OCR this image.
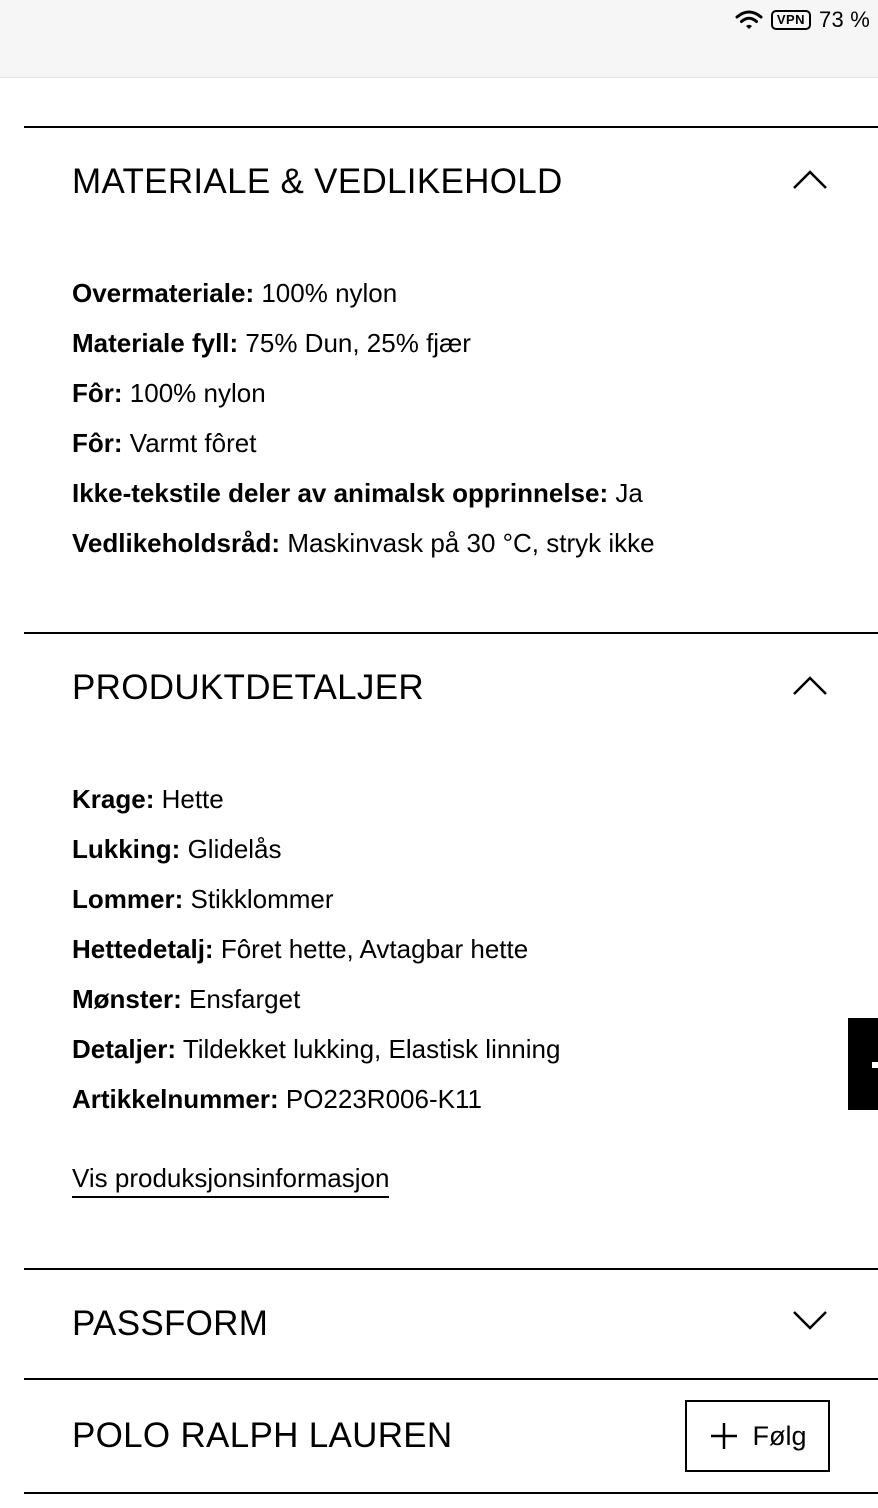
VPN 73 %
MATERIALE & VEDLIKEHOLD
Overmateriale: 100% nylon
Materiale fyll: 75% Dun, 25% fjær
Fôr: 100% nylon
Fôr: Varmt fôret
Ikke-tekstile deler av animalsk opprinnelse: Ja
Vedlikeholdsråd: Maskinvask på 30 °C, stryk ikke
PRODUKTDETALJER
Krage: Hette
Lukking: Glidelås
Lommer: Stikklommer
Hettedetalj: Fôret hette, Avtagbar hette
Mønster: Ensfarget
Detaljer: Tildekket lukking, Elastisk linning
Artikkelnummer: PO223R006-K11
Vis produksjonsinformasjon
PASSFORM
POLO RALPH LAUREN	Følg
